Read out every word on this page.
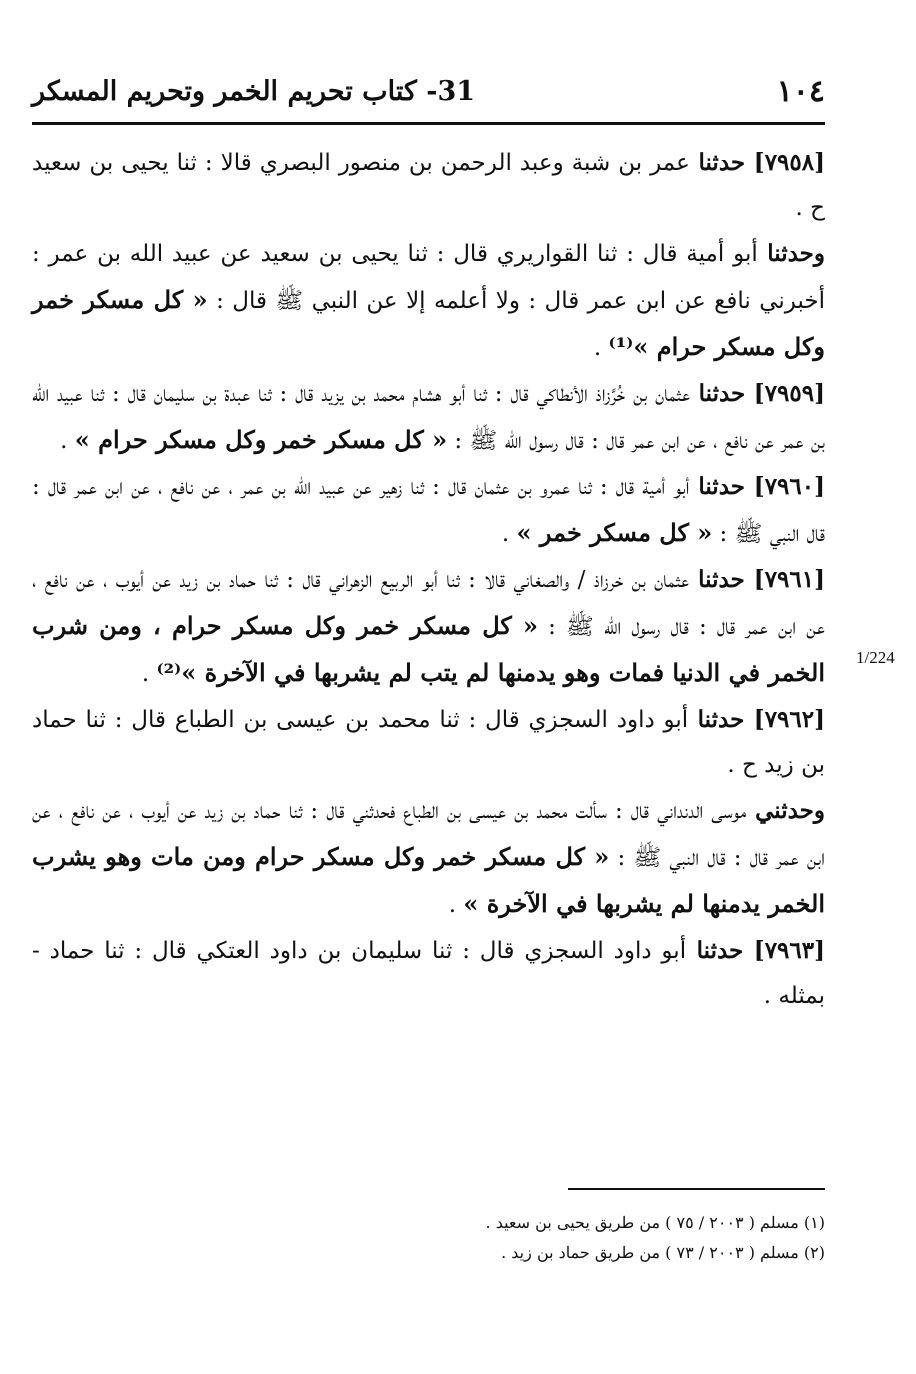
١٠٤
31- كتاب تحريم الخمر وتحريم المسكر

[٧٩٥٨] حدثنا عمر بن شبة وعبد الرحمن بن منصور البصري قالا : ثنا يحيى بن سعيد ح .

وحدثنا أبو أمية قال : ثنا القواريري قال : ثنا يحيى بن سعيد عن عبيد الله بن عمر : أخبرني نافع عن ابن عمر قال : ولا أعلمه إلا عن النبي ﷺ قال : « كل مسكر خمر وكل مسكر حرام »⁽¹⁾ .

[٧٩٥٩] حدثنا عثمان بن خُرَّزاذ الأنطاكي قال : ثنا أبو هشام محمد بن يزيد قال : ثنا عبدة بن سليمان قال : ثنا عبيد الله بن عمر عن نافع ، عن ابن عمر قال : قال رسول الله ﷺ : « كل مسكر خمر وكل مسكر حرام » .

[٧٩٦٠] حدثنا أبو أمية قال : ثنا عمرو بن عثمان قال : ثنا زهير عن عبيد الله بن عمر ، عن نافع ، عن ابن عمر قال : قال النبي ﷺ : « كل مسكر خمر » .

[٧٩٦١] حدثنا عثمان بن خرزاذ / والصغاني قالا : ثنا أبو الربيع الزهراني قال : ثنا حماد بن زيد عن أيوب ، عن نافع ، عن ابن عمر قال : قال رسول الله ﷺ : « كل مسكر خمر وكل مسكر حرام ، ومن شرب الخمر في الدنيا فمات وهو يدمنها لم يتب لم يشربها في الآخرة »⁽²⁾ .

[٧٩٦٢] حدثنا أبو داود السجزي قال : ثنا محمد بن عيسى بن الطباع قال : ثنا حماد بن زيد ح .

وحدثني موسى الدنداني قال : سألت محمد بن عيسى بن الطباع فحدثني قال : ثنا حماد بن زيد عن أيوب ، عن نافع ، عن ابن عمر قال : قال النبي ﷺ : « كل مسكر خمر وكل مسكر حرام ومن مات وهو يشرب الخمر يدمنها لم يشربها في الآخرة » .

[٧٩٦٣] حدثنا أبو داود السجزي قال : ثنا سليمان بن داود العتكي قال : ثنا حماد - بمثله .

1/224

(١) مسلم ( ٢٠٠٣ / ٧٥ ) من طريق يحيى بن سعيد .

(٢) مسلم ( ٢٠٠٣ / ٧٣ ) من طريق حماد بن زيد .
